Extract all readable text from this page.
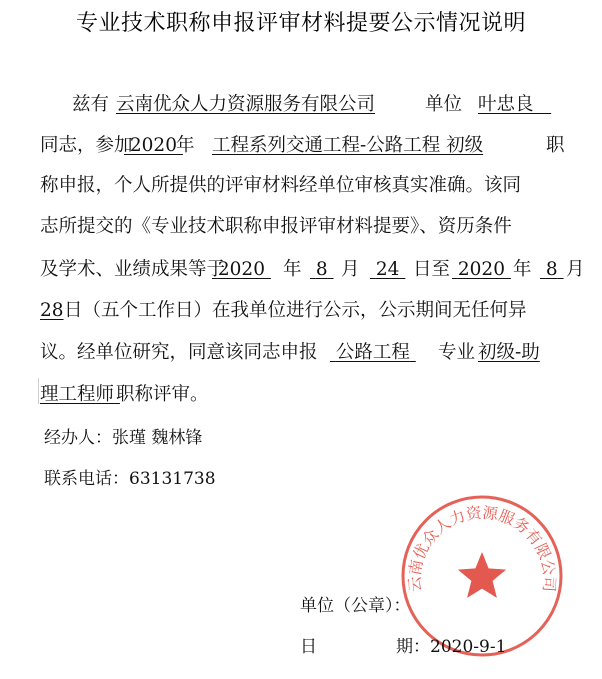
专业技术职称申报评审材料提要公示情况说明
兹有 云南优众人力资源服务有限公司	单位 叶忠良
同志，参加
2020 年 工程系列交通工程-公路工程 初级	职
称申报，个人所提供的评审材料经单位审核真实准确。该同
志所提交的《专业技术职称申报评审材料提要》、资历条件
及学术、业绩成果等于
2020 年 8 月 24 日至 2020 年 8 月
28 日（五个工作日）在我单位进行公示，公示期间无任何异
议。经单位研究，同意该同志申报 公路工程	专业 初级-助
理工程师 职称评审。
经办人：张瑾 魏林锋
联系电话：63131738
云南优众人力资源服务有限公司
单位（公章）：
日	期：2020-9-1
